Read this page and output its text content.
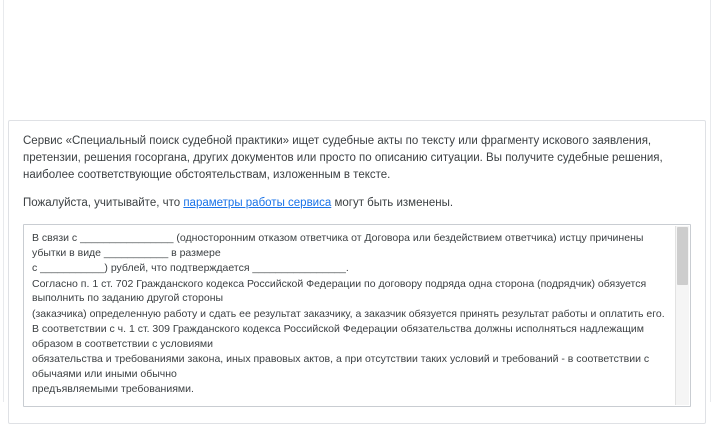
Сервис «Специальный поиск судебной практики» ищет судебные акты по тексту или фрагменту искового заявления, претензии, решения госоргана, других документов или просто по описанию ситуации. Вы получите судебные решения, наиболее соответствующие обстоятельствам, изложенным в тексте.

Пожалуйста, учитывайте, что параметры работы сервиса могут быть изменены.

В связи с ________________ (односторонним отказом ответчика от Договора или бездействием ответчика) истцу причинены убытки в виде ___________ в размере

с ___________) рублей, что подтверждается ________________.

Согласно п. 1 ст. 702 Гражданского кодекса Российской Федерации по договору подряда одна сторона (подрядчик) обязуется выполнить по заданию другой стороны

(заказчика) определенную работу и сдать ее результат заказчику, а заказчик обязуется принять результат работы и оплатить его.

В соответствии с ч. 1 ст. 309 Гражданского кодекса Российской Федерации обязательства должны исполняться надлежащим образом в соответствии с условиями

обязательства и требованиями закона, иных правовых актов, а при отсутствии таких условий и требований - в соответствии с обычаями или иными обычно

предъявляемыми требованиями.
